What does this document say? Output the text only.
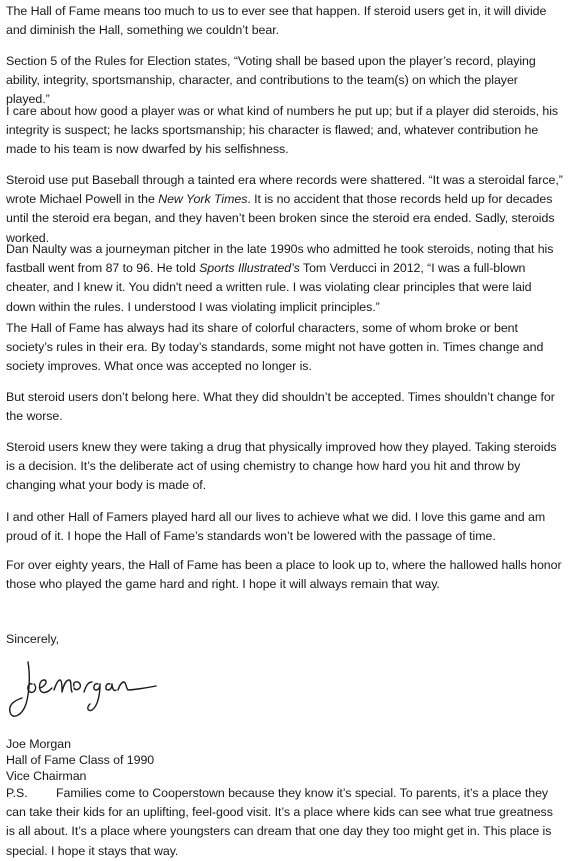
The Hall of Fame means too much to us to ever see that happen. If steroid users get in, it will divide and diminish the Hall, something we couldn’t bear.

Section 5 of the Rules for Election states, “Voting shall be based upon the player’s record, playing ability, integrity, sportsmanship, character, and contributions to the team(s) on which the player played.”

I care about how good a player was or what kind of numbers he put up; but if a player did steroids, his integrity is suspect; he lacks sportsmanship; his character is flawed; and, whatever contribution he made to his team is now dwarfed by his selfishness.

Steroid use put Baseball through a tainted era where records were shattered. “It was a steroidal farce,” wrote Michael Powell in the New York Times. It is no accident that those records held up for decades until the steroid era began, and they haven’t been broken since the steroid era ended. Sadly, steroids worked.

Dan Naulty was a journeyman pitcher in the late 1990s who admitted he took steroids, noting that his fastball went from 87 to 96. He told Sports Illustrated’s Tom Verducci in 2012, “I was a full-blown cheater, and I knew it. You didn't need a written rule. I was violating clear principles that were laid down within the rules. I understood I was violating implicit principles.”

The Hall of Fame has always had its share of colorful characters, some of whom broke or bent society’s rules in their era. By today’s standards, some might not have gotten in. Times change and society improves. What once was accepted no longer is.

But steroid users don’t belong here. What they did shouldn’t be accepted. Times shouldn’t change for the worse.

Steroid users knew they were taking a drug that physically improved how they played. Taking steroids is a decision. It’s the deliberate act of using chemistry to change how hard you hit and throw by changing what your body is made of.

I and other Hall of Famers played hard all our lives to achieve what we did. I love this game and am proud of it. I hope the Hall of Fame’s standards won’t be lowered with the passage of time.

For over eighty years, the Hall of Fame has been a place to look up to, where the hallowed halls honor those who played the game hard and right. I hope it will always remain that way.

Sincerely,
Joe Morgan
Hall of Fame Class of 1990
Vice Chairman

P.S. Families come to Cooperstown because they know it’s special. To parents, it’s a place they can take their kids for an uplifting, feel-good visit. It’s a place where kids can see what true greatness is all about. It’s a place where youngsters can dream that one day they too might get in. This place is special. I hope it stays that way.
